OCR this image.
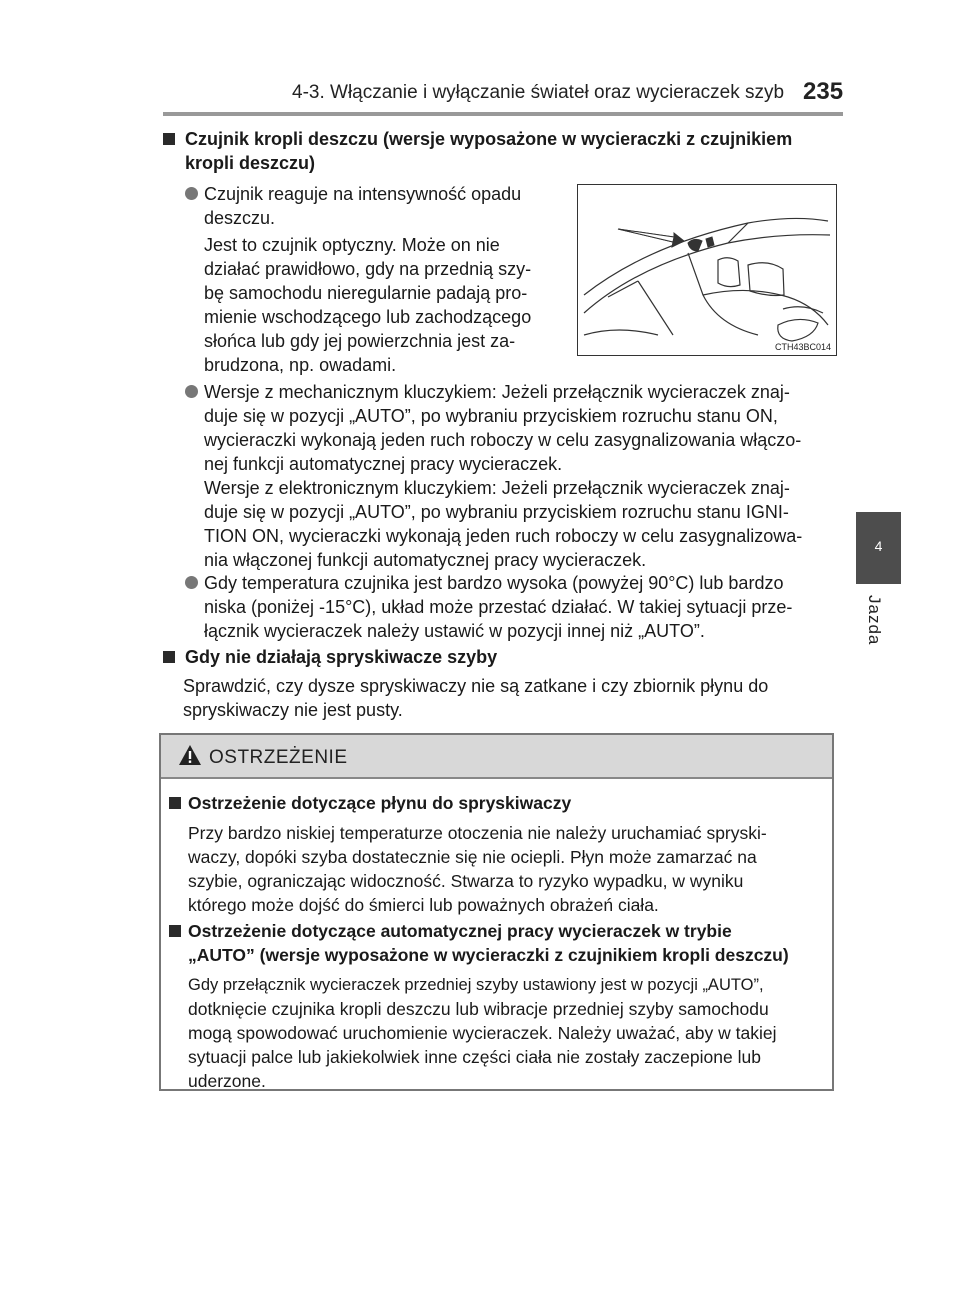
4-3. Włączanie i wyłączanie świateł oraz wycieraczek szyb 235
4
Jazda
Czujnik kropli deszczu (wersje wyposażone w wycieraczki z czujnikiem
kropli deszczu)
Czujnik reaguje na intensywność opadu
deszczu.
Jest to czujnik optyczny. Może on nie
działać prawidłowo, gdy na przednią szy-
bę samochodu nieregularnie padają pro-
mienie wschodzącego lub zachodzącego
słońca lub gdy jej powierzchnia jest za-
brudzona, np. owadami.
CTH43BC014
Wersje z mechanicznym kluczykiem: Jeżeli przełącznik wycieraczek znaj-
duje się w pozycji „AUTO”, po wybraniu przyciskiem rozruchu stanu ON,
wycieraczki wykonają jeden ruch roboczy w celu zasygnalizowania włączo-
nej funkcji automatycznej pracy wycieraczek.
Wersje z elektronicznym kluczykiem: Jeżeli przełącznik wycieraczek znaj-
duje się w pozycji „AUTO”, po wybraniu przyciskiem rozruchu stanu IGNI-
TION ON, wycieraczki wykonają jeden ruch roboczy w celu zasygnalizowa-
nia włączonej funkcji automatycznej pracy wycieraczek.
Gdy temperatura czujnika jest bardzo wysoka (powyżej 90°C) lub bardzo
niska (poniżej -15°C), układ może przestać działać. W takiej sytuacji prze-
łącznik wycieraczek należy ustawić w pozycji innej niż „AUTO”.
Gdy nie działają spryskiwacze szyby
Sprawdzić, czy dysze spryskiwaczy nie są zatkane i czy zbiornik płynu do
spryskiwaczy nie jest pusty.
OSTRZEŻENIE
Ostrzeżenie dotyczące płynu do spryskiwaczy
Przy bardzo niskiej temperaturze otoczenia nie należy uruchamiać spryski-
waczy, dopóki szyba dostatecznie się nie ociepli. Płyn może zamarzać na
szybie, ograniczając widoczność. Stwarza to ryzyko wypadku, w wyniku
którego może dojść do śmierci lub poważnych obrażeń ciała.
Ostrzeżenie dotyczące automatycznej pracy wycieraczek w trybie
„AUTO” (wersje wyposażone w wycieraczki z czujnikiem kropli deszczu)
Gdy przełącznik wycieraczek przedniej szyby ustawiony jest w pozycji „AUTO”,
dotknięcie czujnika kropli deszczu lub wibracje przedniej szyby samochodu
mogą spowodować uruchomienie wycieraczek. Należy uważać, aby w takiej
sytuacji palce lub jakiekolwiek inne części ciała nie zostały zaczepione lub
uderzone.
